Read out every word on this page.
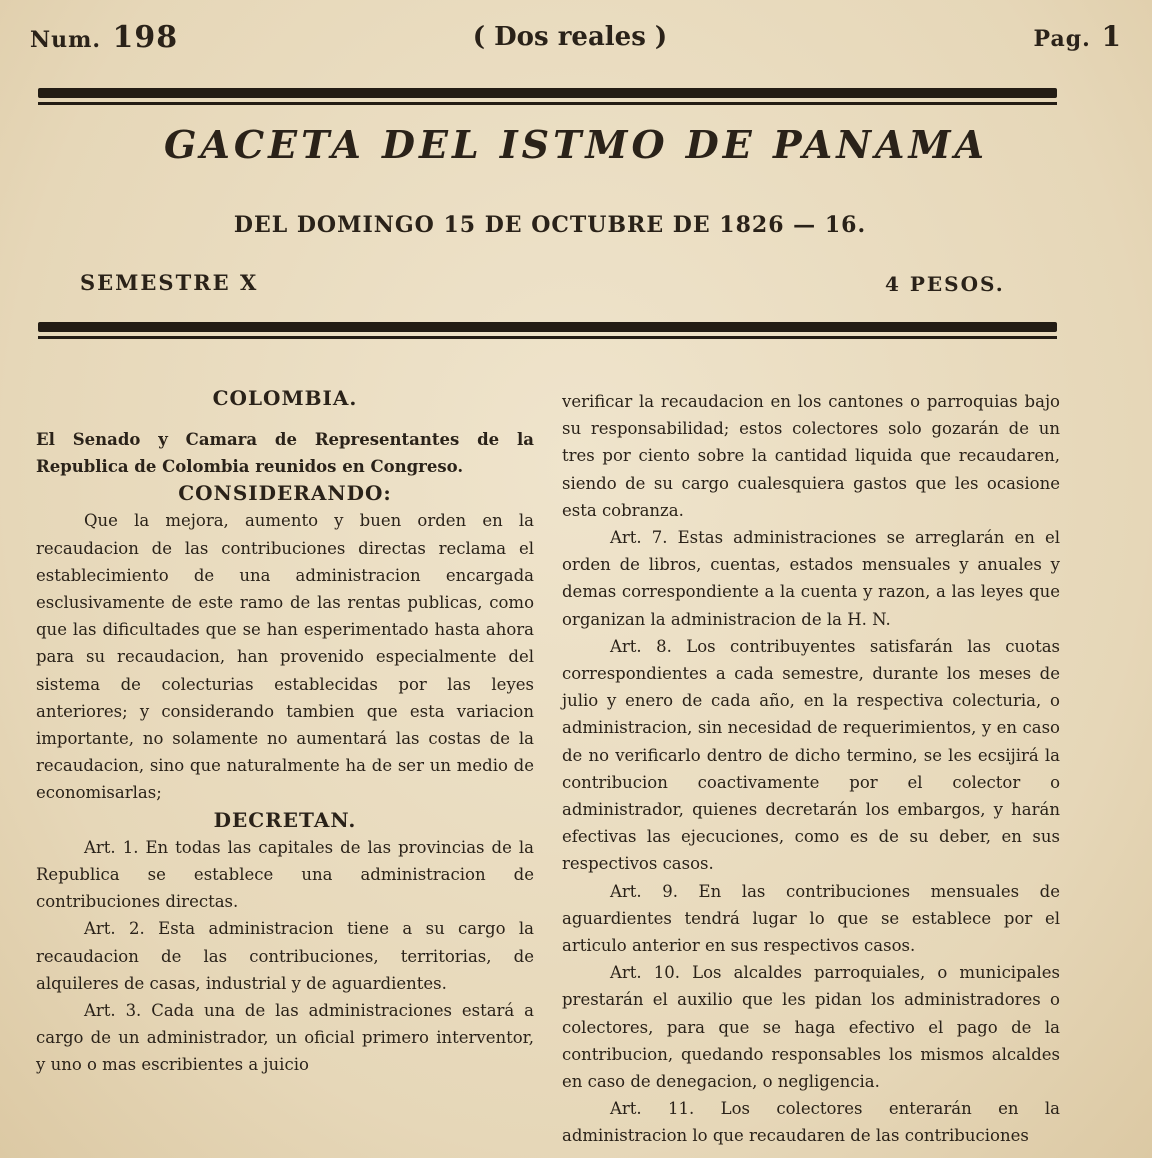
Num. 198	( Dos reales )	Pag. 1
GACETA DEL ISTMO DE PANAMA
DEL DOMINGO 15 DE OCTUBRE DE 1826 — 16.
SEMESTRE X	4 PESOS.

COLOMBIA.

El Senado y Camara de Representantes de la Republica de Colombia reunidos en Congreso.

CONSIDERANDO:

Que la mejora, aumento y buen orden en la recaudacion de las contribuciones directas reclama el establecimiento de una administracion encargada esclusivamente de este ramo de las rentas publicas, como que las dificultades que se han esperimentado hasta ahora para su recaudacion, han provenido especialmente del sistema de colecturias establecidas por las leyes anteriores; y considerando tambien que esta variacion importante, no solamente no aumentará las costas de la recaudacion, sino que naturalmente ha de ser un medio de economisarlas;

DECRETAN.

Art. 1. En todas las capitales de las provincias de la Republica se establece una administracion de contribuciones directas.

Art. 2. Esta administracion tiene a su cargo la recaudacion de las contribuciones, territorias, de alquileres de casas, industrial y de aguardientes.

Art. 3. Cada una de las administraciones estará a cargo de un administrador, un oficial primero interventor, y uno o mas escribientes a juicio

verificar la recaudacion en los cantones o parroquias bajo su responsabilidad; estos colectores solo gozarán de un tres por ciento sobre la cantidad liquida que recaudaren, siendo de su cargo cualesquiera gastos que les ocasione esta cobranza.

Art. 7. Estas administraciones se arreglarán en el orden de libros, cuentas, estados mensuales y anuales y demas correspondiente a la cuenta y razon, a las leyes que organizan la administracion de la H. N.

Art. 8. Los contribuyentes satisfarán las cuotas correspondientes a cada semestre, durante los meses de julio y enero de cada año, en la respectiva colecturia, o administracion, sin necesidad de requerimientos, y en caso de no verificarlo dentro de dicho termino, se les ecsijirá la contribucion coactivamente por el colector o administrador, quienes decretarán los embargos, y harán efectivas las ejecuciones, como es de su deber, en sus respectivos casos.

Art. 9. En las contribuciones mensuales de aguardientes tendrá lugar lo que se establece por el articulo anterior en sus respectivos casos.

Art. 10. Los alcaldes parroquiales, o municipales prestarán el auxilio que les pidan los administradores o colectores, para que se haga efectivo el pago de la contribucion, quedando responsables los mismos alcaldes en caso de denegacion, o negligencia.

Art. 11. Los colectores enterarán en la administracion lo que recaudaren de las contribuciones
